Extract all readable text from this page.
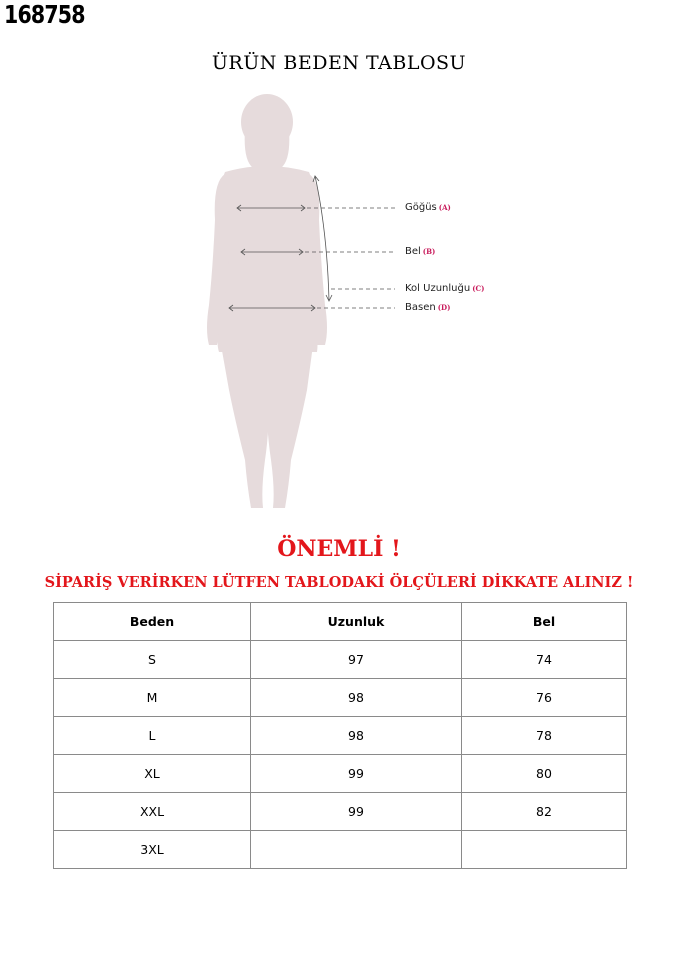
168758
ÜRÜN BEDEN TABLOSU
Göğüs (A)
Bel (B)
Kol Uzunluğu (C)
Basen (D)
ÖNEMLİ !
SİPARİŞ VERİRKEN LÜTFEN TABLODAKİ ÖLÇÜLERİ DİKKATE ALINIZ !
Beden	Uzunluk	Bel
S	97	74
M	98	76
L	98	78
XL	99	80
XXL	99	82
3XL		
